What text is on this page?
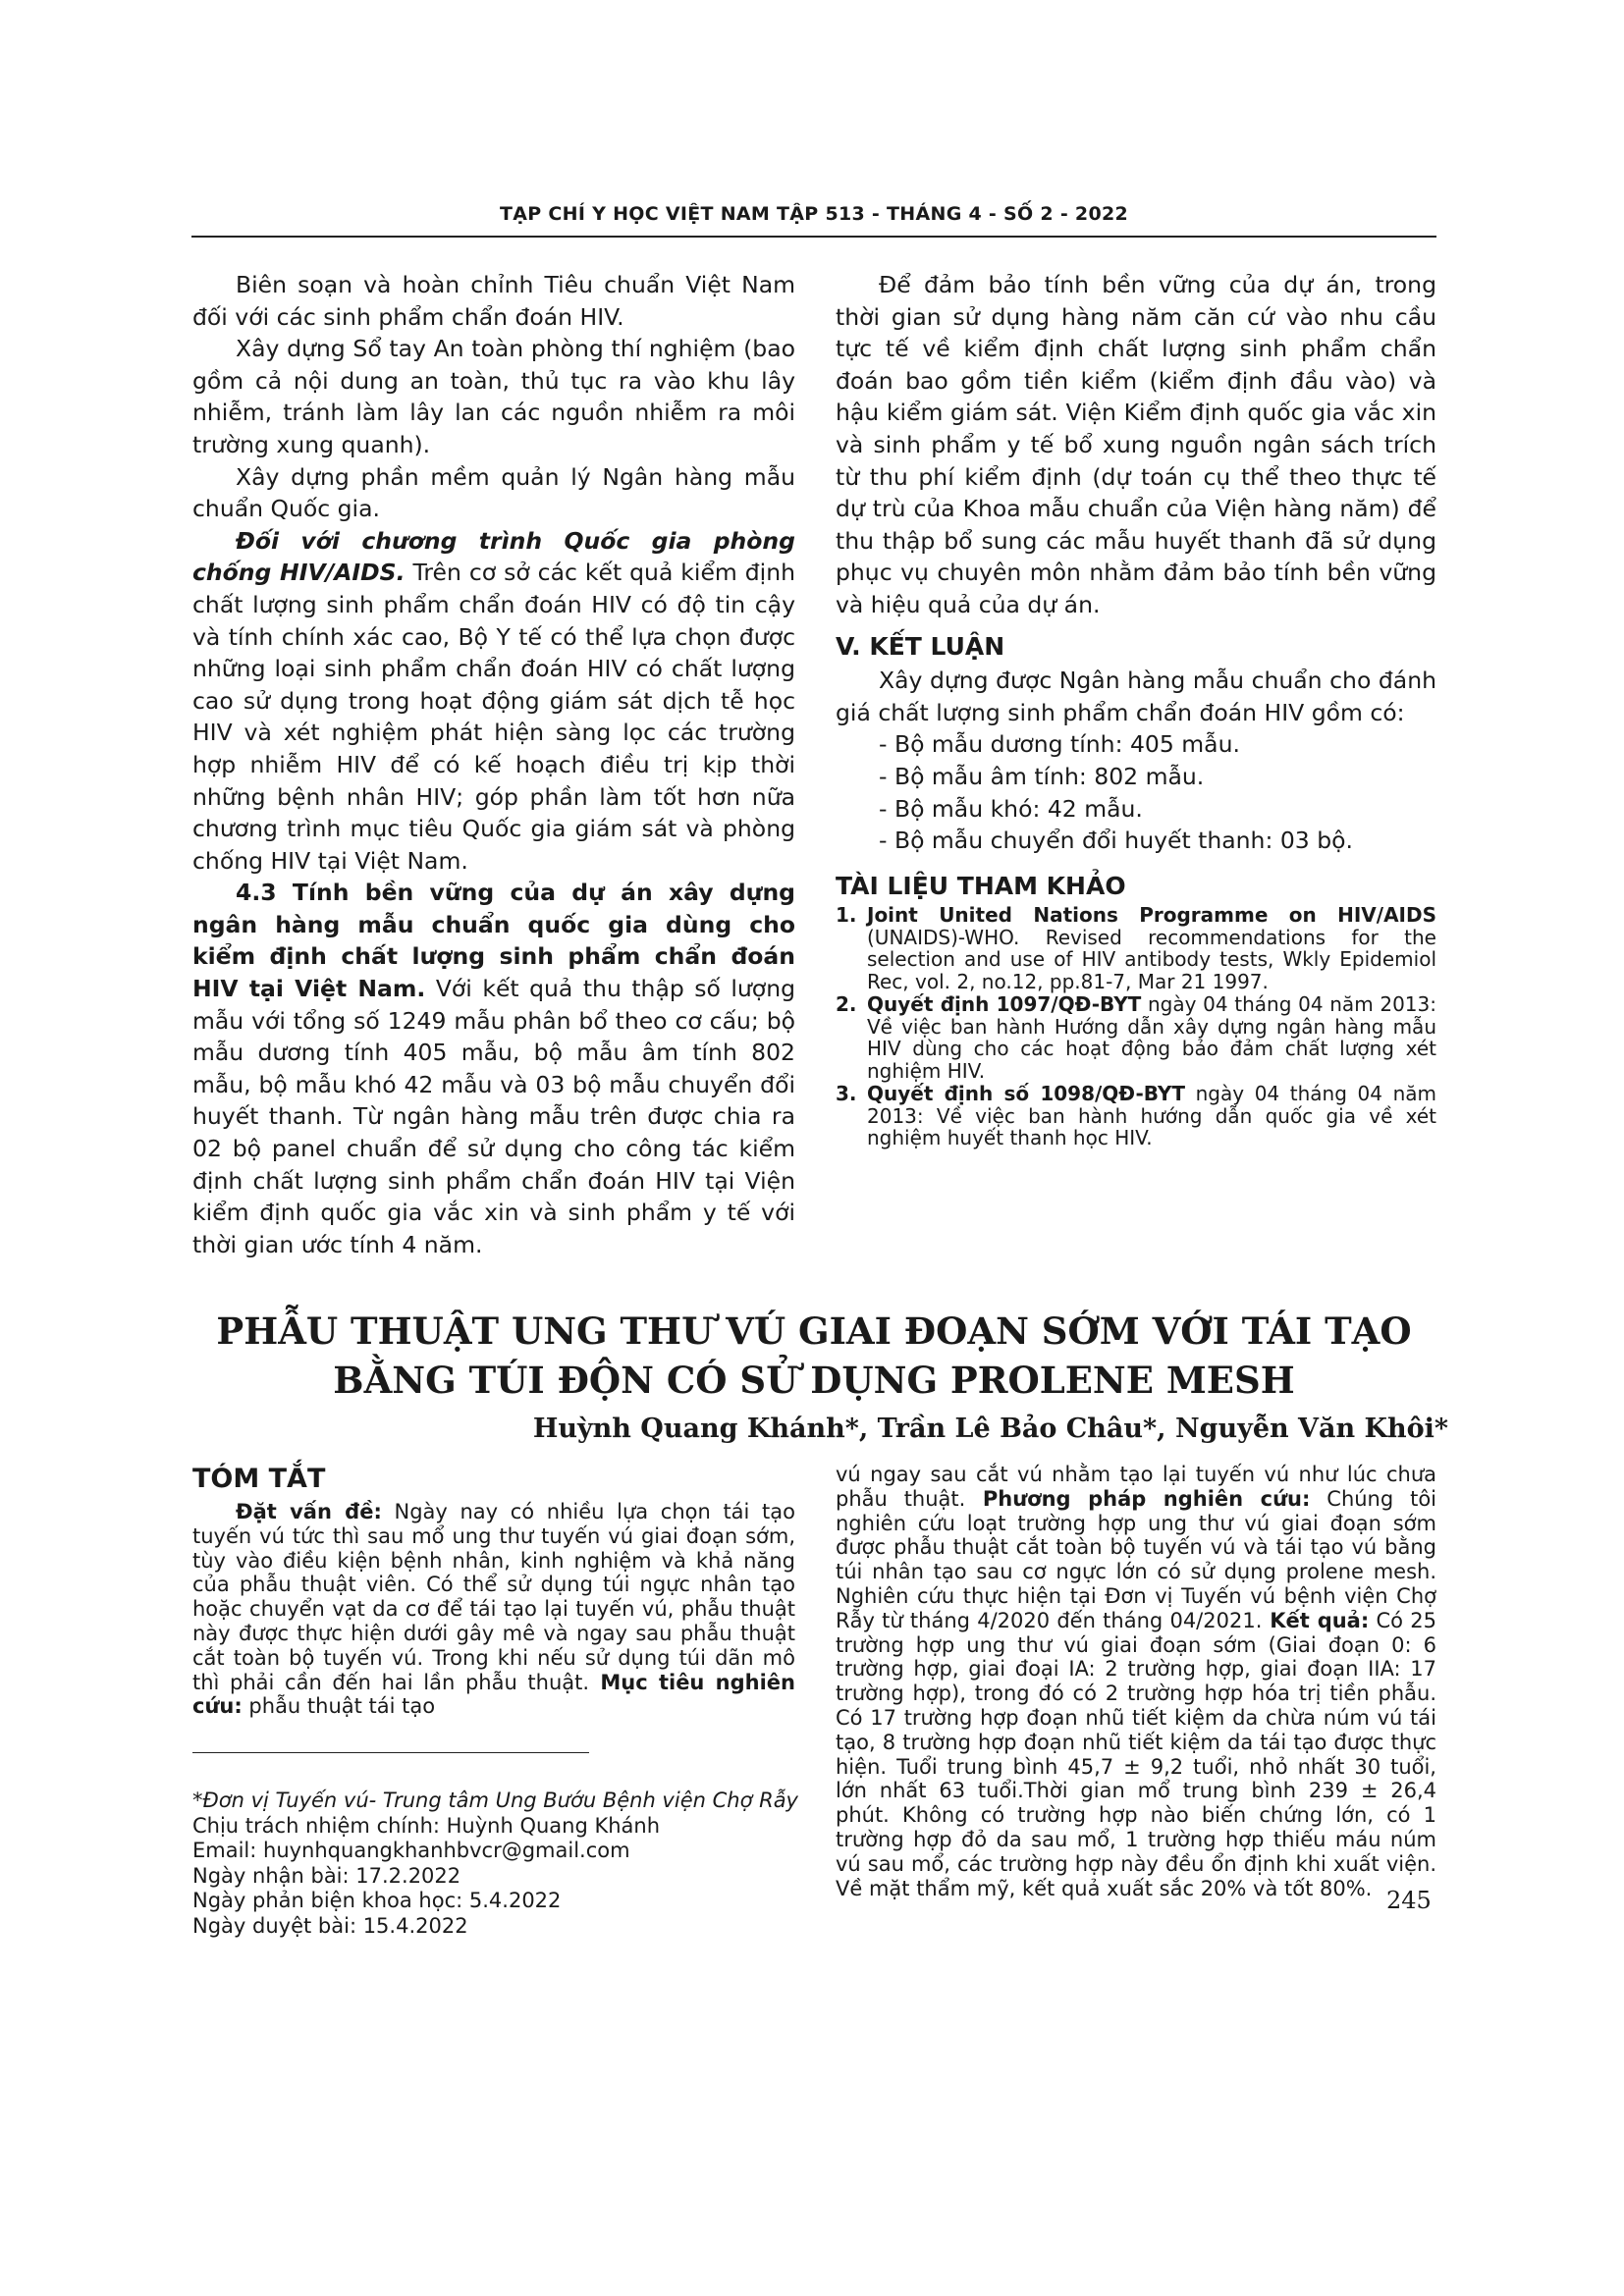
TẠP CHÍ Y HỌC VIỆT NAM TẬP 513 - THÁNG 4 - SỐ 2 - 2022

Biên soạn và hoàn chỉnh Tiêu chuẩn Việt Nam đối với các sinh phẩm chẩn đoán HIV.

Xây dựng Sổ tay An toàn phòng thí nghiệm (bao gồm cả nội dung an toàn, thủ tục ra vào khu lây nhiễm, tránh làm lây lan các nguồn nhiễm ra môi trường xung quanh).

Xây dựng phần mềm quản lý Ngân hàng mẫu chuẩn Quốc gia.

Đối với chương trình Quốc gia phòng chống HIV/AIDS. Trên cơ sở các kết quả kiểm định chất lượng sinh phẩm chẩn đoán HIV có độ tin cậy và tính chính xác cao, Bộ Y tế có thể lựa chọn được những loại sinh phẩm chẩn đoán HIV có chất lượng cao sử dụng trong hoạt động giám sát dịch tễ học HIV và xét nghiệm phát hiện sàng lọc các trường hợp nhiễm HIV để có kế hoạch điều trị kịp thời những bệnh nhân HIV; góp phần làm tốt hơn nữa chương trình mục tiêu Quốc gia giám sát và phòng chống HIV tại Việt Nam.

4.3 Tính bền vững của dự án xây dựng ngân hàng mẫu chuẩn quốc gia dùng cho kiểm định chất lượng sinh phẩm chẩn đoán HIV tại Việt Nam. Với kết quả thu thập số lượng mẫu với tổng số 1249 mẫu phân bổ theo cơ cấu; bộ mẫu dương tính 405 mẫu, bộ mẫu âm tính 802 mẫu, bộ mẫu khó 42 mẫu và 03 bộ mẫu chuyển đổi huyết thanh. Từ ngân hàng mẫu trên được chia ra 02 bộ panel chuẩn để sử dụng cho công tác kiểm định chất lượng sinh phẩm chẩn đoán HIV tại Viện kiểm định quốc gia vắc xin và sinh phẩm y tế với thời gian ước tính 4 năm.

Để đảm bảo tính bền vững của dự án, trong thời gian sử dụng hàng năm căn cứ vào nhu cầu tực tế về kiểm định chất lượng sinh phẩm chẩn đoán bao gồm tiền kiểm (kiểm định đầu vào) và hậu kiểm giám sát. Viện Kiểm định quốc gia vắc xin và sinh phẩm y tế bổ xung nguồn ngân sách trích từ thu phí kiểm định (dự toán cụ thể theo thực tế dự trù của Khoa mẫu chuẩn của Viện hàng năm) để thu thập bổ sung các mẫu huyết thanh đã sử dụng phục vụ chuyên môn nhằm đảm bảo tính bền vững và hiệu quả của dự án.

V. KẾT LUẬN

Xây dựng được Ngân hàng mẫu chuẩn cho đánh giá chất lượng sinh phẩm chẩn đoán HIV gồm có:

- Bộ mẫu dương tính: 405 mẫu.

- Bộ mẫu âm tính: 802 mẫu.

- Bộ mẫu khó: 42 mẫu.

- Bộ mẫu chuyển đổi huyết thanh: 03 bộ.

TÀI LIỆU THAM KHẢO

1. Joint United Nations Programme on HIV/AIDS (UNAIDS)-WHO. Revised recommendations for the selection and use of HIV antibody tests, Wkly Epidemiol Rec, vol. 2, no.12, pp.81-7, Mar 21 1997.
2. Quyết định 1097/QĐ-BYT ngày 04 tháng 04 năm 2013: Về việc ban hành Hướng dẫn xây dựng ngân hàng mẫu HIV dùng cho các hoạt động bảo đảm chất lượng xét nghiệm HIV.
3. Quyết định số 1098/QĐ-BYT ngày 04 tháng 04 năm 2013: Về việc ban hành hướng dẫn quốc gia về xét nghiệm huyết thanh học HIV.
PHẪU THUẬT UNG THƯ VÚ GIAI ĐOẠN SỚM VỚI TÁI TẠO
BẰNG TÚI ĐỘN CÓ SỬ DỤNG PROLENE MESH
Huỳnh Quang Khánh*, Trần Lê Bảo Châu*, Nguyễn Văn Khôi*
TÓM TẮT
Đặt vấn đề: Ngày nay có nhiều lựa chọn tái tạo tuyến vú tức thì sau mổ ung thư tuyến vú giai đoạn sớm, tùy vào điều kiện bệnh nhân, kinh nghiệm và khả năng của phẫu thuật viên. Có thể sử dụng túi ngực nhân tạo hoặc chuyển vạt da cơ để tái tạo lại tuyến vú, phẫu thuật này được thực hiện dưới gây mê và ngay sau phẫu thuật cắt toàn bộ tuyến vú. Trong khi nếu sử dụng túi dãn mô thì phải cần đến hai lần phẫu thuật. Mục tiêu nghiên cứu: phẫu thuật tái tạo
vú ngay sau cắt vú nhằm tạo lại tuyến vú như lúc chưa phẫu thuật. Phương pháp nghiên cứu: Chúng tôi nghiên cứu loạt trường hợp ung thư vú giai đoạn sớm được phẫu thuật cắt toàn bộ tuyến vú và tái tạo vú bằng túi nhân tạo sau cơ ngực lớn có sử dụng prolene mesh. Nghiên cứu thực hiện tại Đơn vị Tuyến vú bệnh viện Chợ Rẫy từ tháng 4/2020 đến tháng 04/2021. Kết quả: Có 25 trường hợp ung thư vú giai đoạn sớm (Giai đoạn 0: 6 trường hợp, giai đoại IA: 2 trường hợp, giai đoạn IIA: 17 trường hợp), trong đó có 2 trường hợp hóa trị tiền phẫu. Có 17 trường hợp đoạn nhũ tiết kiệm da chừa núm vú tái tạo, 8 trường hợp đoạn nhũ tiết kiệm da tái tạo được thực hiện. Tuổi trung bình 45,7 ± 9,2 tuổi, nhỏ nhất 30 tuổi, lớn nhất 63 tuổi.Thời gian mổ trung bình 239 ± 26,4 phút. Không có trường hợp nào biến chứng lớn, có 1 trường hợp đỏ da sau mổ, 1 trường hợp thiếu máu núm vú sau mổ, các trường hợp này đều ổn định khi xuất viện. Về mặt thẩm mỹ, kết quả xuất sắc 20% và tốt 80%.

*Đơn vị Tuyến vú- Trung tâm Ung Bướu Bệnh viện Chợ Rẫy

Chịu trách nhiệm chính: Huỳnh Quang Khánh

Email: huynhquangkhanhbvcr@gmail.com

Ngày nhận bài: 17.2.2022

Ngày phản biện khoa học: 5.4.2022

Ngày duyệt bài: 15.4.2022

245
